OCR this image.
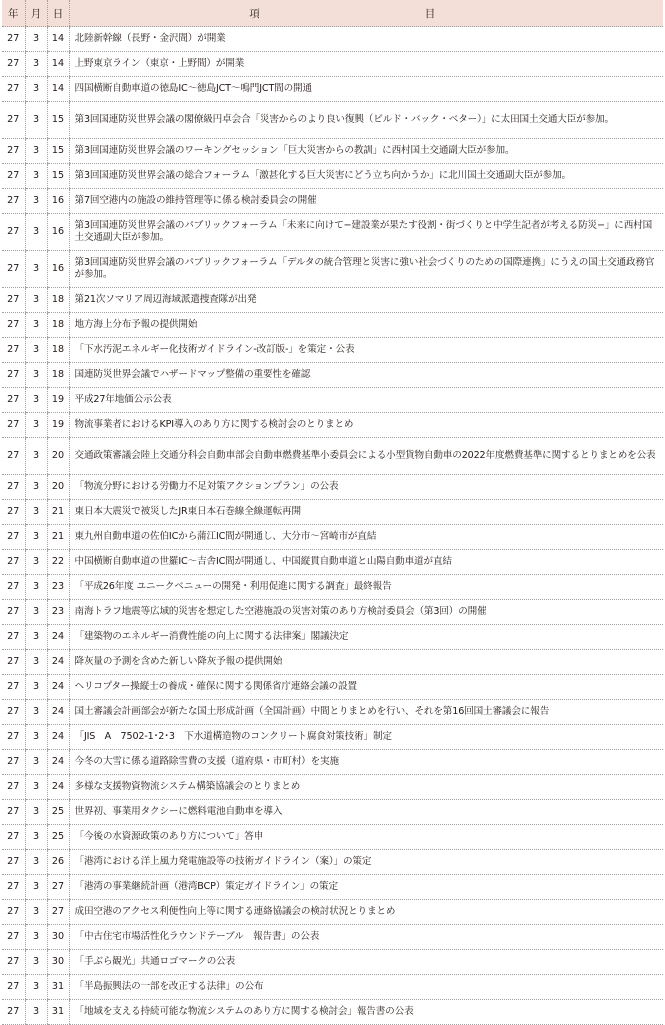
年	月	日	項　　目
27	3	14	北陸新幹線（長野・金沢間）が開業
27	3	14	上野東京ライン（東京・上野間）が開業
27	3	14	四国横断自動車道の徳島IC〜徳島JCT〜鳴門JCT間の開通
27	3	15	第3回国連防災世界会議の閣僚級円卓会合「災害からのより良い復興（ビルド・バック・ベター）」に太田国土交通大臣が参加。
27	3	15	第3回国連防災世界会議のワーキングセッション「巨大災害からの教訓」に西村国土交通副大臣が参加。
27	3	15	第3回国連防災世界会議の総合フォーラム「激甚化する巨大災害にどう立ち向かうか」に北川国土交通副大臣が参加。
27	3	16	第7回空港内の施設の維持管理等に係る検討委員会の開催
27	3	16	第3回国連防災世界会議のパブリックフォーラム「未来に向けて−建設業が果たす役割・街づくりと中学生記者が考える防災−」に西村国土交通副大臣が参加。
27	3	16	第3回国連防災世界会議のパブリックフォーラム「デルタの統合管理と災害に強い社会づくりのための国際連携」にうえの国土交通政務官が参加。
27	3	18	第21次ソマリア周辺海域派遣捜査隊が出発
27	3	18	地方海上分布予報の提供開始
27	3	18	「下水汚泥エネルギー化技術ガイドライン-改訂版-」を策定・公表
27	3	18	国連防災世界会議でハザードマップ整備の重要性を確認
27	3	19	平成27年地価公示公表
27	3	19	物流事業者におけるKPI導入のあり方に関する検討会のとりまとめ
27	3	20	交通政策審議会陸上交通分科会自動車部会自動車燃費基準小委員会による小型貨物自動車の2022年度燃費基準に関するとりまとめを公表
27	3	20	「物流分野における労働力不足対策アクションプラン」の公表
27	3	21	東日本大震災で被災したJR東日本石巻線全線運転再開
27	3	21	東九州自動車道の佐伯ICから蒲江IC間が開通し、大分市〜宮崎市が直結
27	3	22	中国横断自動車道の世羅IC〜吉舎IC間が開通し、中国縦貫自動車道と山陽自動車道が直結
27	3	23	「平成26年度 ユニークベニューの開発・利用促進に関する調査」最終報告
27	3	23	南海トラフ地震等広域的災害を想定した空港施設の災害対策のあり方検討委員会（第3回）の開催
27	3	24	「建築物のエネルギー消費性能の向上に関する法律案」閣議決定
27	3	24	降灰量の予測を含めた新しい降灰予報の提供開始
27	3	24	ヘリコプター操縦士の養成・確保に関する関係省庁連絡会議の設置
27	3	24	国土審議会計画部会が新たな国土形成計画（全国計画）中間とりまとめを行い、それを第16回国土審議会に報告
27	3	24	「JIS　A　7502-1･2･3　下水道構造物のコンクリート腐食対策技術」制定
27	3	24	今冬の大雪に係る道路除雪費の支援（道府県・市町村）を実施
27	3	24	多様な支援物資物流システム構築協議会のとりまとめ
27	3	25	世界初、事業用タクシーに燃料電池自動車を導入
27	3	25	「今後の水資源政策のあり方について」答申
27	3	26	「港湾における洋上風力発電施設等の技術ガイドライン（案）」の策定
27	3	27	「港湾の事業継続計画（港湾BCP）策定ガイドライン」の策定
27	3	27	成田空港のアクセス利便性向上等に関する連絡協議会の検討状況とりまとめ
27	3	30	「中古住宅市場活性化ラウンドテーブル　報告書」の公表
27	3	30	「手ぶら観光」共通ロゴマークの公表
27	3	31	「半島振興法の一部を改正する法律」の公布
27	3	31	「地域を支える持続可能な物流システムのあり方に関する検討会」報告書の公表
